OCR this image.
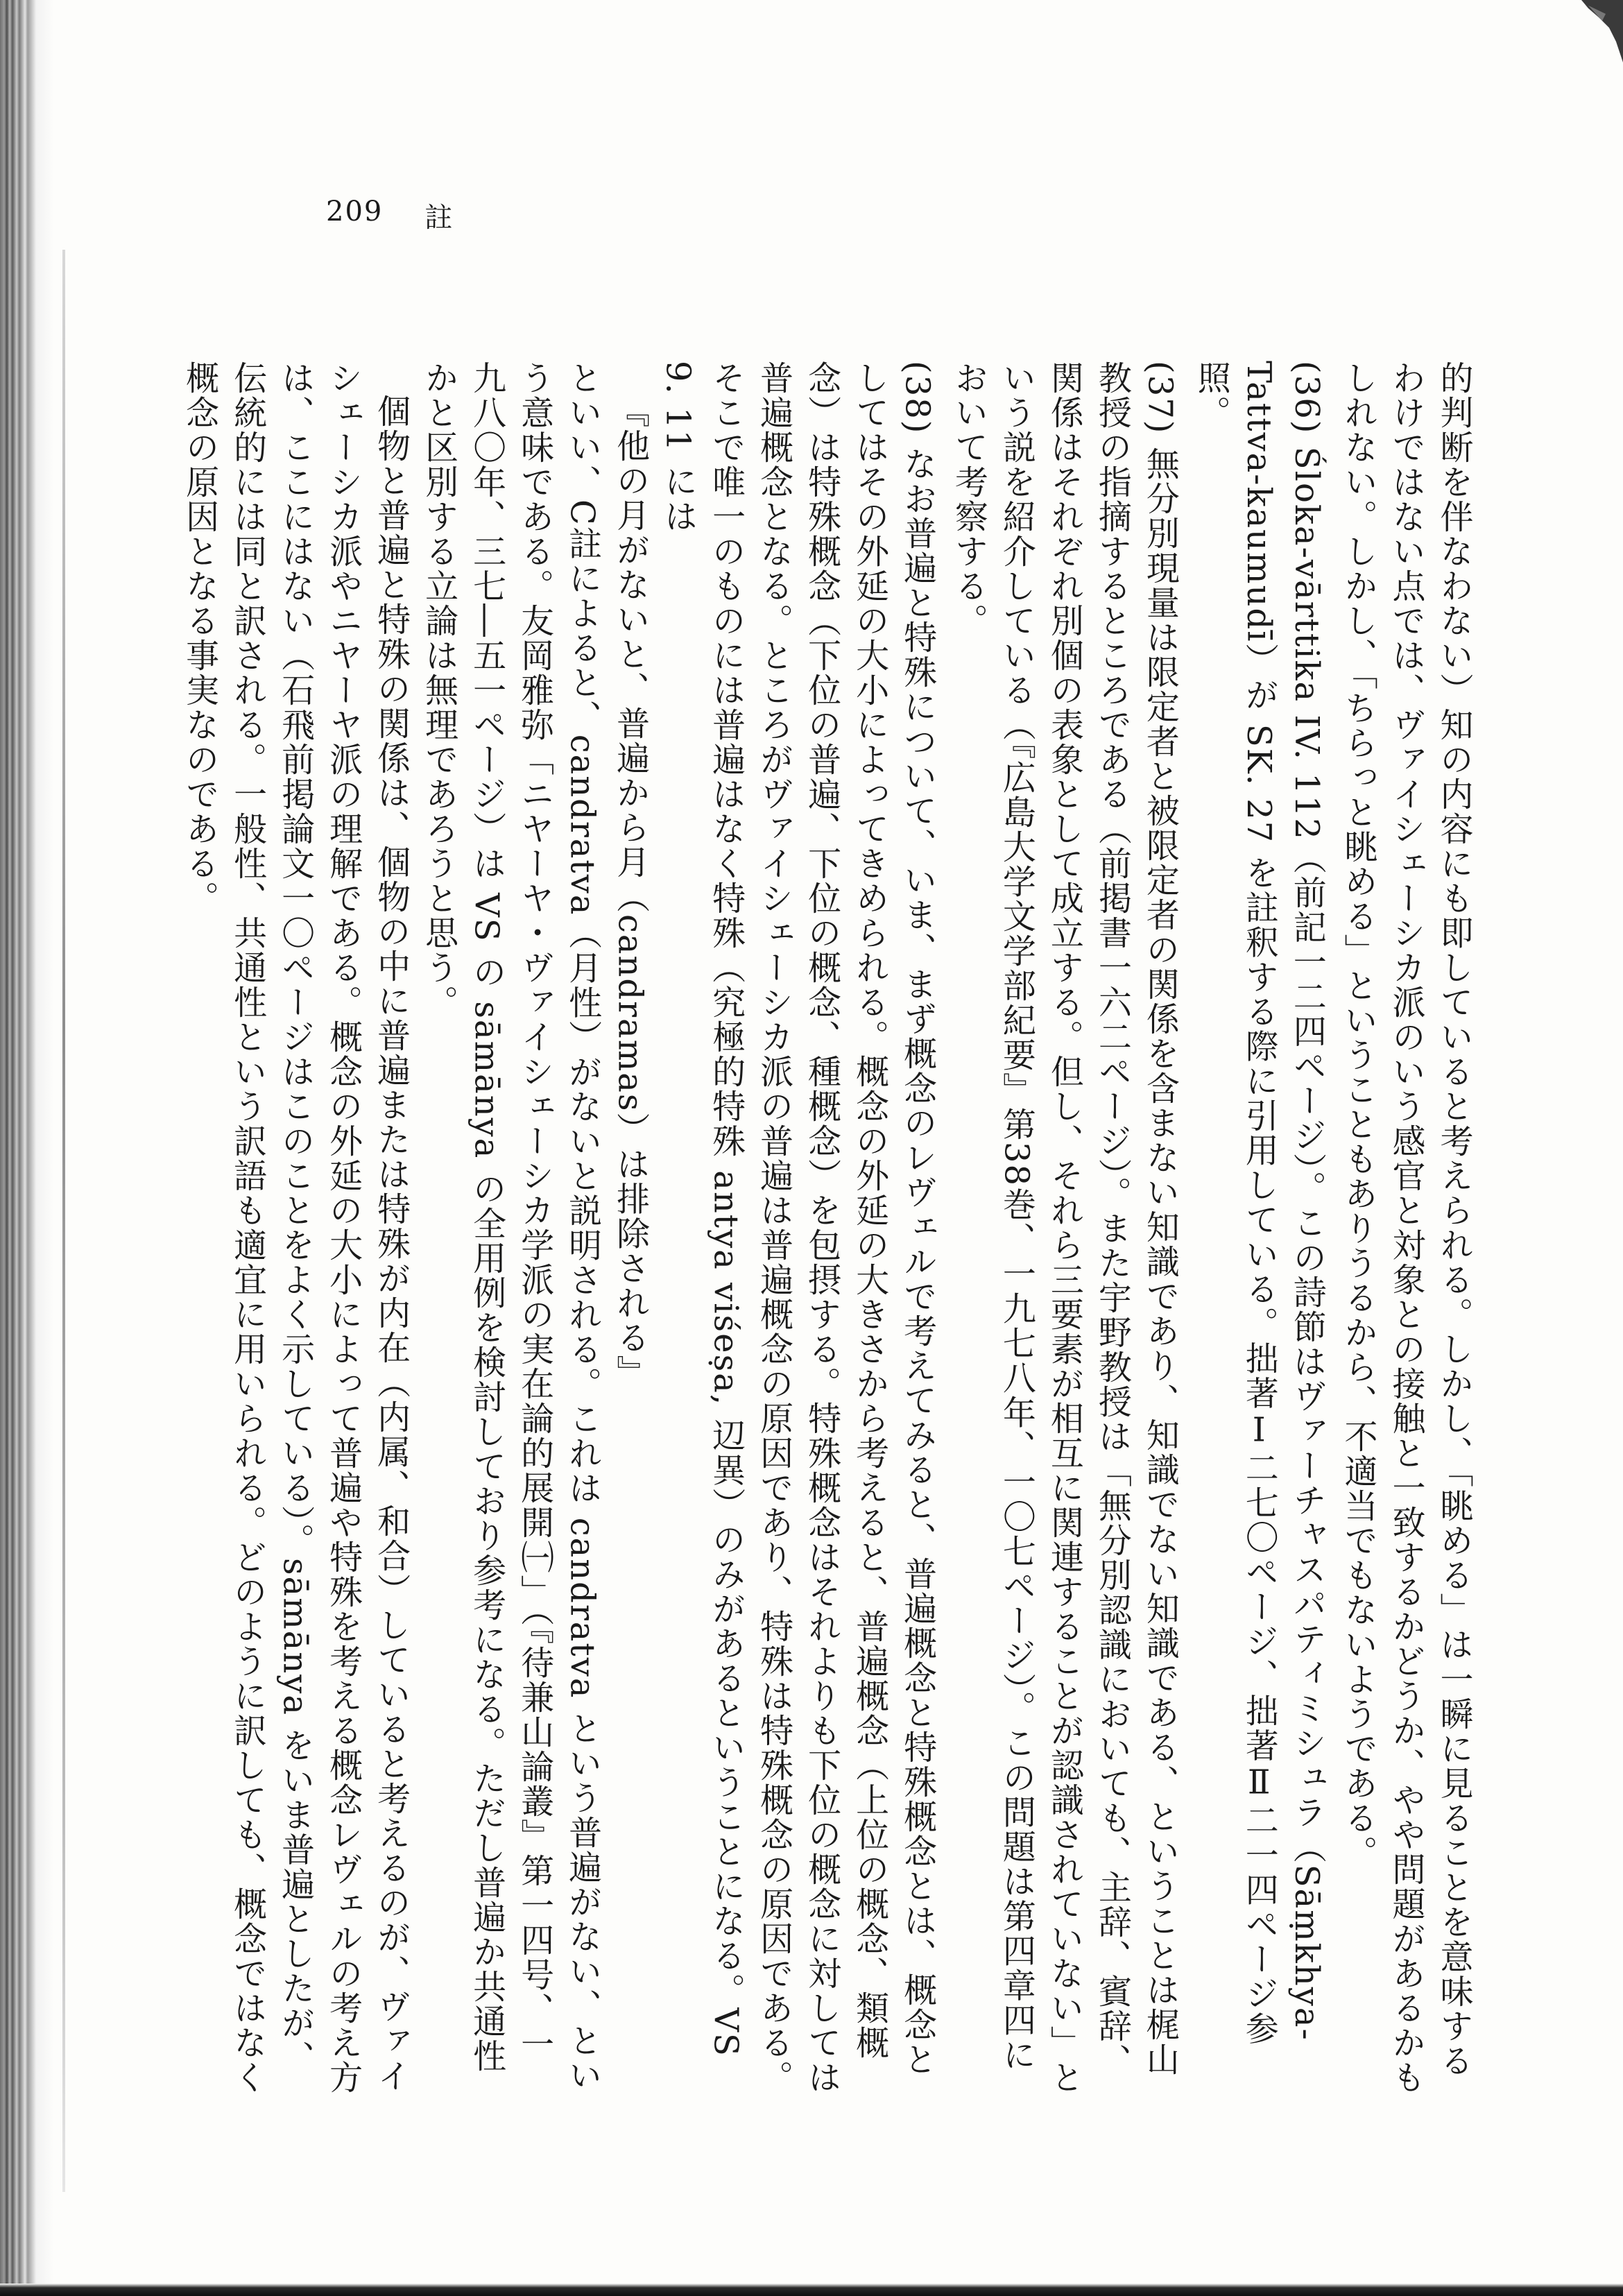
209 註

的判断を伴なわない）知の内容にも即していると考えられる。しかし、「眺める」は一瞬に見ることを意味するわけではない点では、ヴァイシェーシカ派のいう感官と対象との接触と一致するかどうか、やや問題があるかもしれない。しかし、「ちらっと眺める」ということもありうるから、不適当でもないようである。

(36) Śloka-vārttika IV. 112（前記一二四ページ）。この詩節はヴァーチャスパティミシュラ（Sāṃkhya-Tattva-kaumudī）が SK. 27 を註釈する際に引用している。拙著Ⅰ二七〇ページ、拙著Ⅱ二一四ページ参照。

(37) 無分別現量は限定者と被限定者の関係を含まない知識であり、知識でない知識である、ということは梶山教授の指摘するところである（前掲書一六二ページ）。また宇野教授は「無分別認識においても、主辞、賓辞、関係はそれぞれ別個の表象として成立する。但し、それら三要素が相互に関連することが認識されていない」という説を紹介している（『広島大学文学部紀要』第38巻、一九七八年、一〇七ページ）。この問題は第四章四において考察する。

(38) なお普遍と特殊について、いま、まず概念のレヴェルで考えてみると、普遍概念と特殊概念とは、概念としてはその外延の大小によってきめられる。概念の外延の大きさから考えると、普遍概念（上位の概念、類概念）は特殊概念（下位の普遍、下位の概念、種概念）を包摂する。特殊概念はそれよりも下位の概念に対しては普遍概念となる。ところがヴァイシェーシカ派の普遍は普遍概念の原因であり、特殊は特殊概念の原因である。そこで唯一のものには普遍はなく特殊（究極的特殊 antya viśeṣa, 辺異）のみがあるということになる。VS 9. 11 には

『他の月がないと、普遍から月（candramas）は排除される』

といい、C註によると、candratva（月性）がないと説明される。これは candratva という普遍がない、という意味である。友岡雅弥「ニヤーヤ・ヴァイシェーシカ学派の実在論的展開㈠」（『待兼山論叢』第一四号、一九八〇年、三七―五一ページ）は VS の sāmānya の全用例を検討しており参考になる。ただし普遍か共通性かと区別する立論は無理であろうと思う。

個物と普遍と特殊の関係は、個物の中に普遍または特殊が内在（内属、和合）していると考えるのが、ヴァイシェーシカ派やニヤーヤ派の理解である。概念の外延の大小によって普遍や特殊を考える概念レヴェルの考え方は、ここにはない（石飛前掲論文一〇ページはこのことをよく示している）。sāmānya をいま普遍としたが、伝統的には同と訳される。一般性、共通性という訳語も適宜に用いられる。どのように訳しても、概念ではなく概念の原因となる事実なのである。
